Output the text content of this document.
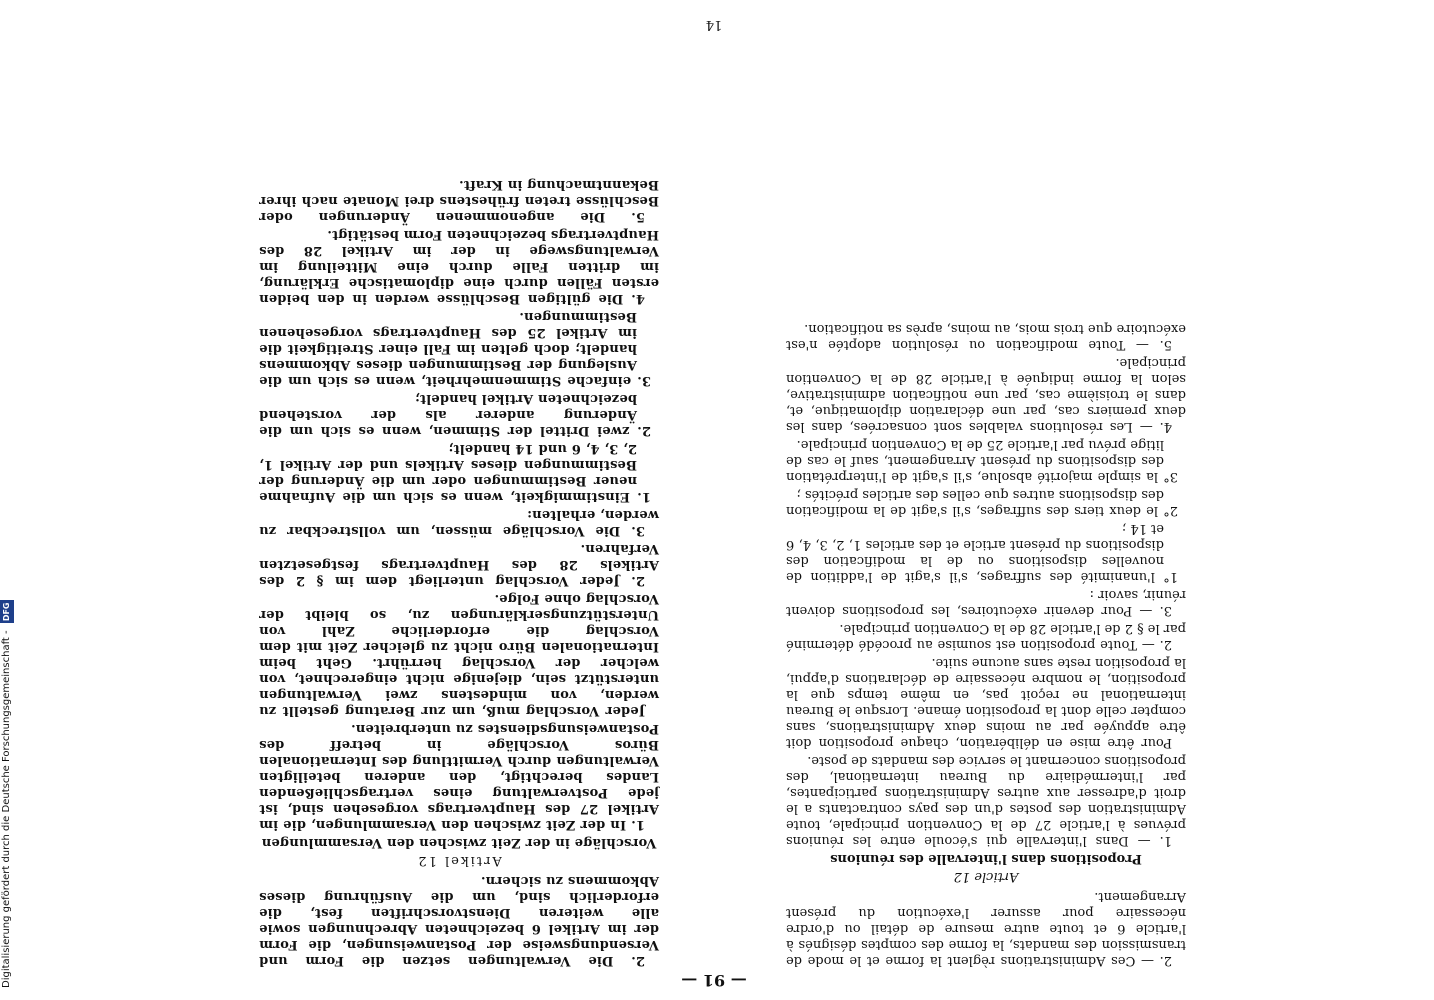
— 91 —

2. — Ces Administrations règlent la forme et le mode de transmission des mandats, la forme des comptes désignés à l'article 6 et toute autre mesure de détail ou d'ordre nécessaire pour assurer l'exécution du présent Arrangement.

Article 12
Propositions dans l'intervalle des réunions

1. — Dans l'intervalle qui s'écoule entre les réunions prévues à l'article 27 de la Convention principale, toute Administration des postes d'un des pays contractants a le droit d'adresser aux autres Administrations participantes, par l'intermédiaire du Bureau international, des propositions concernant le service des mandats de poste.

Pour être mise en délibération, chaque proposition doit être appuyée par au moins deux Administrations, sans compter celle dont la proposition émane. Lorsque le Bureau international ne reçoit pas, en même temps que la proposition, le nombre nécessaire de déclarations d'appui, la proposition reste sans aucune suite.

2. — Toute proposition est soumise au procédé déterminé par le § 2 de l'article 28 de la Convention principale.

3. — Pour devenir exécutoires, les propositions doivent réunir, savoir :

1° l'unanimité des suffrages, s'il s'agit de l'addition de nouvelles dispositions ou de la modification des dispositions du présent article et des articles 1, 2, 3, 4, 6 et 14 ;

2° le deux tiers des suffrages, s'il s'agit de la modification des dispositions autres que celles des articles précités ;

3° la simple majorité absolue, s'il s'agit de l'interprétation des dispositions du présent Arrangement, sauf le cas de litige prévu par l'article 25 de la Convention principale.

4. — Les résolutions valables sont consacrées, dans les deux premiers cas, par une déclaration diplomatique, et, dans le troisième cas, par une notification administrative, selon la forme indiquée à l'article 28 de la Convention principale.

5. — Toute modification ou résolution adoptée n'est exécutoire que trois mois, au moins, après sa notification.

2. Die Verwaltungen setzen die Form und Versendungsweise der Postanweisungen, die Form der im Artikel 6 bezeichneten Abrechnungen sowie alle weiteren Dienstvorschriften fest, die erforderlich sind, um die Ausführung dieses Abkommens zu sichern.

Artikel 12
Vorschläge in der Zeit zwischen den Versammlungen

1. In der Zeit zwischen den Versammlungen, die im Artikel 27 des Hauptvertrags vorgesehen sind, ist jede Postverwaltung eines vertragschließenden Landes berechtigt, den anderen beteiligten Verwaltungen durch Vermittlung des Internationalen Büros Vorschläge in betreff des Postanweisungsdienstes zu unterbreiten.

Jeder Vorschlag muß, um zur Beratung gestellt zu werden, von mindestens zwei Verwaltungen unterstützt sein, diejenige nicht eingerechnet, von welcher der Vorschlag herrührt. Geht beim Internationalen Büro nicht zu gleicher Zeit mit dem Vorschlag die erforderliche Zahl von Unterstützungserklärungen zu, so bleibt der Vorschlag ohne Folge.

2. Jeder Vorschlag unterliegt dem im § 2 des Artikels 28 des Hauptvertrags festgesetzten Verfahren.

3. Die Vorschläge müssen, um vollstreckbar zu werden, erhalten:

1. Einstimmigkeit, wenn es sich um die Aufnahme neuer Bestimmungen oder um die Änderung der Bestimmungen dieses Artikels und der Artikel 1, 2, 3, 4, 6 und 14 handelt;

2. zwei Drittel der Stimmen, wenn es sich um die Änderung anderer als der vorstehend bezeichneten Artikel handelt;

3. einfache Stimmenmehrheit, wenn es sich um die Auslegung der Bestimmungen dieses Abkommens handelt; doch gelten im Fall einer Streitigkeit die im Artikel 25 des Hauptvertrags vorgesehenen Bestimmungen.

4. Die gültigen Beschlüsse werden in den beiden ersten Fällen durch eine diplomatische Erklärung, im dritten Falle durch eine Mitteilung im Verwaltungswege in der im Artikel 28 des Hauptvertrags bezeichneten Form bestätigt.

5. Die angenommenen Änderungen oder Beschlüsse treten frühestens drei Monate nach ihrer Bekanntmachung in Kraft.

14
Digitalisierung gefördert durch die Deutsche Forschungsgemeinschaft - DFG
